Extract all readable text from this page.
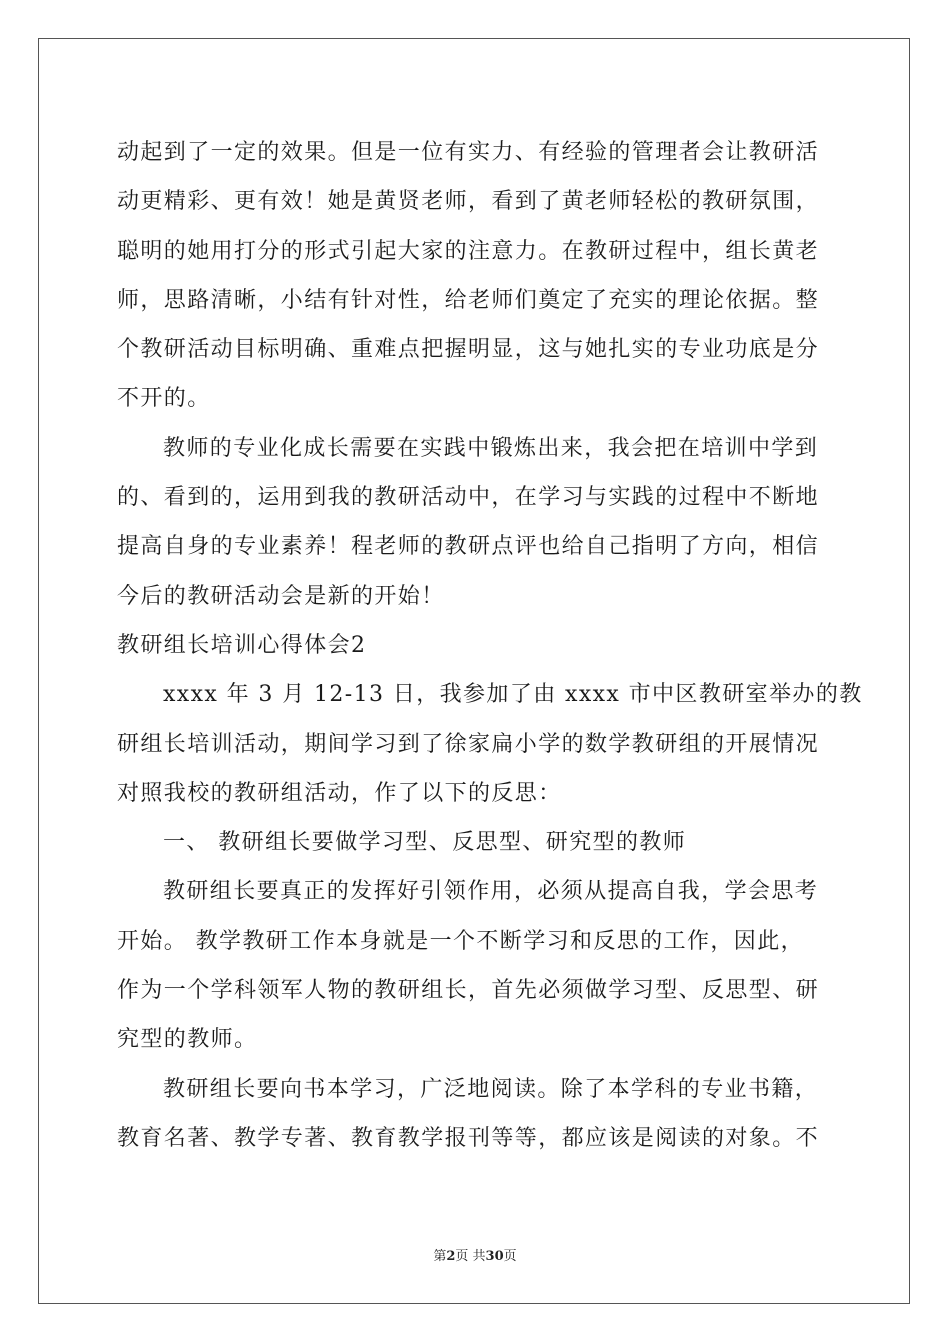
动起到了一定的效果。但是一位有实力、有经验的管理者会让教研活
动更精彩、更有效！她是黄贤老师，看到了黄老师轻松的教研氛围，
聪明的她用打分的形式引起大家的注意力。在教研过程中，组长黄老
师，思路清晰，小结有针对性，给老师们奠定了充实的理论依据。整
个教研活动目标明确、重难点把握明显，这与她扎实的专业功底是分
不开的。
教师的专业化成长需要在实践中锻炼出来，我会把在培训中学到
的、看到的，运用到我的教研活动中，在学习与实践的过程中不断地
提高自身的专业素养！程老师的教研点评也给自己指明了方向，相信
今后的教研活动会是新的开始！
教研组长培训心得体会2
xxxx 年 3 月 12-13 日，我参加了由 xxxx 市中区教研室举办的教
研组长培训活动，期间学习到了徐家扁小学的数学教研组的开展情况
对照我校的教研组活动，作了以下的反思：
一、 教研组长要做学习型、反思型、研究型的教师
教研组长要真正的发挥好引领作用，必须从提高自我，学会思考
开始。 教学教研工作本身就是一个不断学习和反思的工作，因此，
作为一个学科领军人物的教研组长，首先必须做学习型、反思型、研
究型的教师。
教研组长要向书本学习，广泛地阅读。除了本学科的专业书籍，
教育名著、教学专著、教育教学报刊等等，都应该是阅读的对象。不
第2页 共30页
